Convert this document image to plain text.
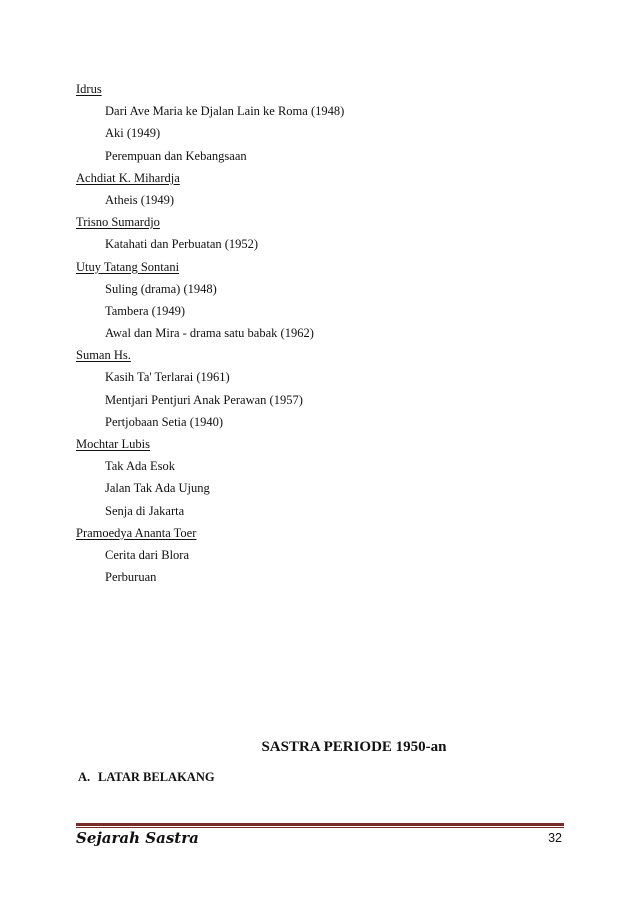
Idrus
Dari Ave Maria ke Djalan Lain ke Roma (1948)
Aki (1949)
Perempuan dan Kebangsaan
Achdiat K. Mihardja
Atheis (1949)
Trisno Sumardjo
Katahati dan Perbuatan (1952)
Utuy Tatang Sontani
Suling (drama) (1948)
Tambera (1949)
Awal dan Mira - drama satu babak (1962)
Suman Hs.
Kasih Ta' Terlarai (1961)
Mentjari Pentjuri Anak Perawan (1957)
Pertjobaan Setia (1940)
Mochtar Lubis
Tak Ada Esok
Jalan Tak Ada Ujung
Senja di Jakarta
Pramoedya Ananta Toer
Cerita dari Blora
Perburuan
SASTRA PERIODE 1950-an
A. LATAR BELAKANG
Sejarah Sastra	32
